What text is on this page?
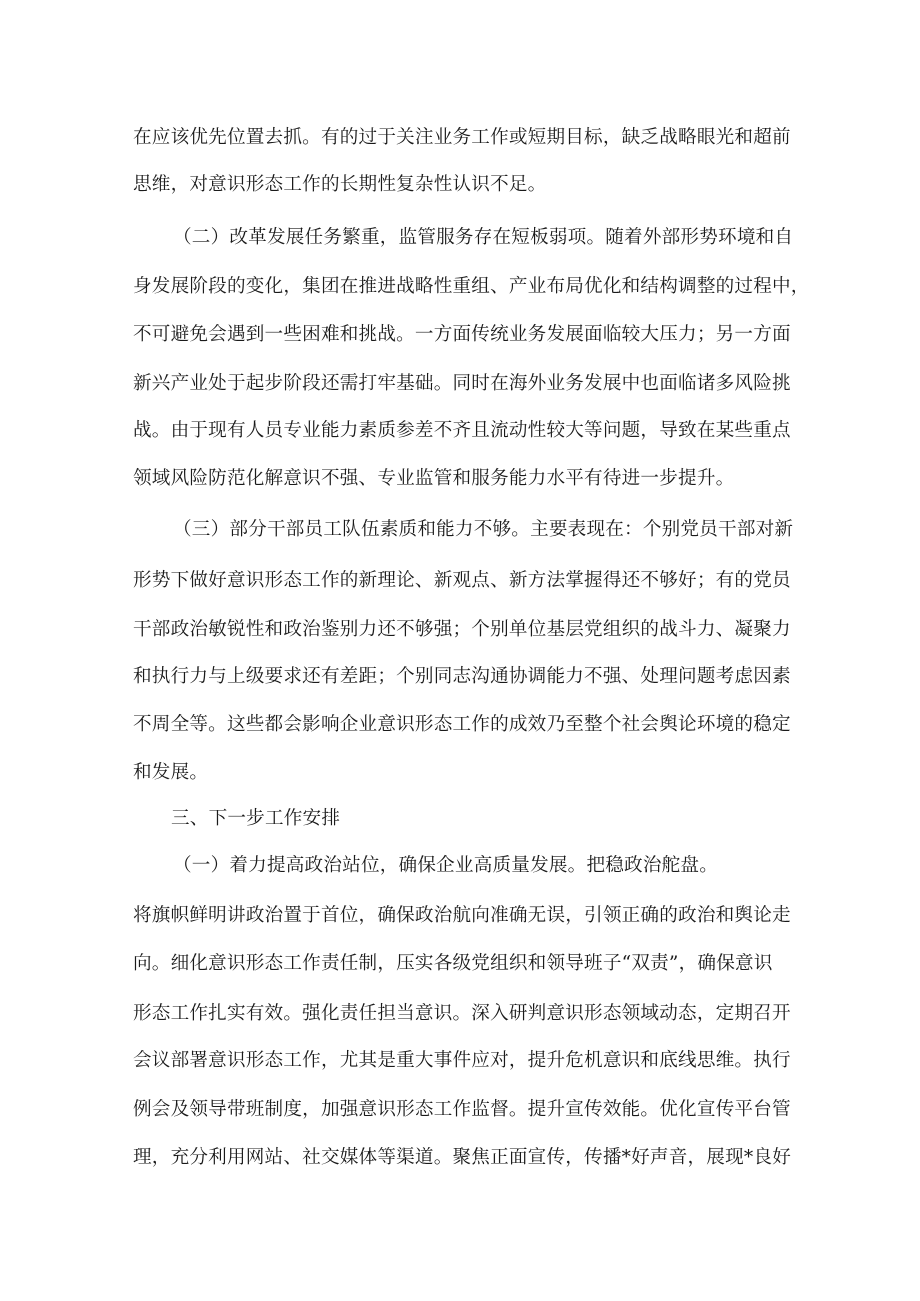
在应该优先位置去抓。有的过于关注业务工作或短期目标，缺乏战略眼光和超前
思维，对意识形态工作的长期性复杂性认识不足。
（二）改革发展任务繁重，监管服务存在短板弱项。随着外部形势环境和自
身发展阶段的变化，集团在推进战略性重组、产业布局优化和结构调整的过程中，
不可避免会遇到一些困难和挑战。一方面传统业务发展面临较大压力；另一方面
新兴产业处于起步阶段还需打牢基础。同时在海外业务发展中也面临诸多风险挑
战。由于现有人员专业能力素质参差不齐且流动性较大等问题，导致在某些重点
领域风险防范化解意识不强、专业监管和服务能力水平有待进一步提升。
（三）部分干部员工队伍素质和能力不够。主要表现在：个别党员干部对新
形势下做好意识形态工作的新理论、新观点、新方法掌握得还不够好；有的党员
干部政治敏锐性和政治鉴别力还不够强；个别单位基层党组织的战斗力、凝聚力
和执行力与上级要求还有差距；个别同志沟通协调能力不强、处理问题考虑因素
不周全等。这些都会影响企业意识形态工作的成效乃至整个社会舆论环境的稳定
和发展。
三、下一步工作安排
（一）着力提高政治站位，确保企业高质量发展。把稳政治舵盘。
将旗帜鲜明讲政治置于首位，确保政治航向准确无误，引领正确的政治和舆论走
向。细化意识形态工作责任制，压实各级党组织和领导班子“双责”，确保意识
形态工作扎实有效。强化责任担当意识。深入研判意识形态领域动态，定期召开
会议部署意识形态工作，尤其是重大事件应对，提升危机意识和底线思维。执行
例会及领导带班制度，加强意识形态工作监督。提升宣传效能。优化宣传平台管
理，充分利用网站、社交媒体等渠道。聚焦正面宣传，传播*好声音，展现*良好
